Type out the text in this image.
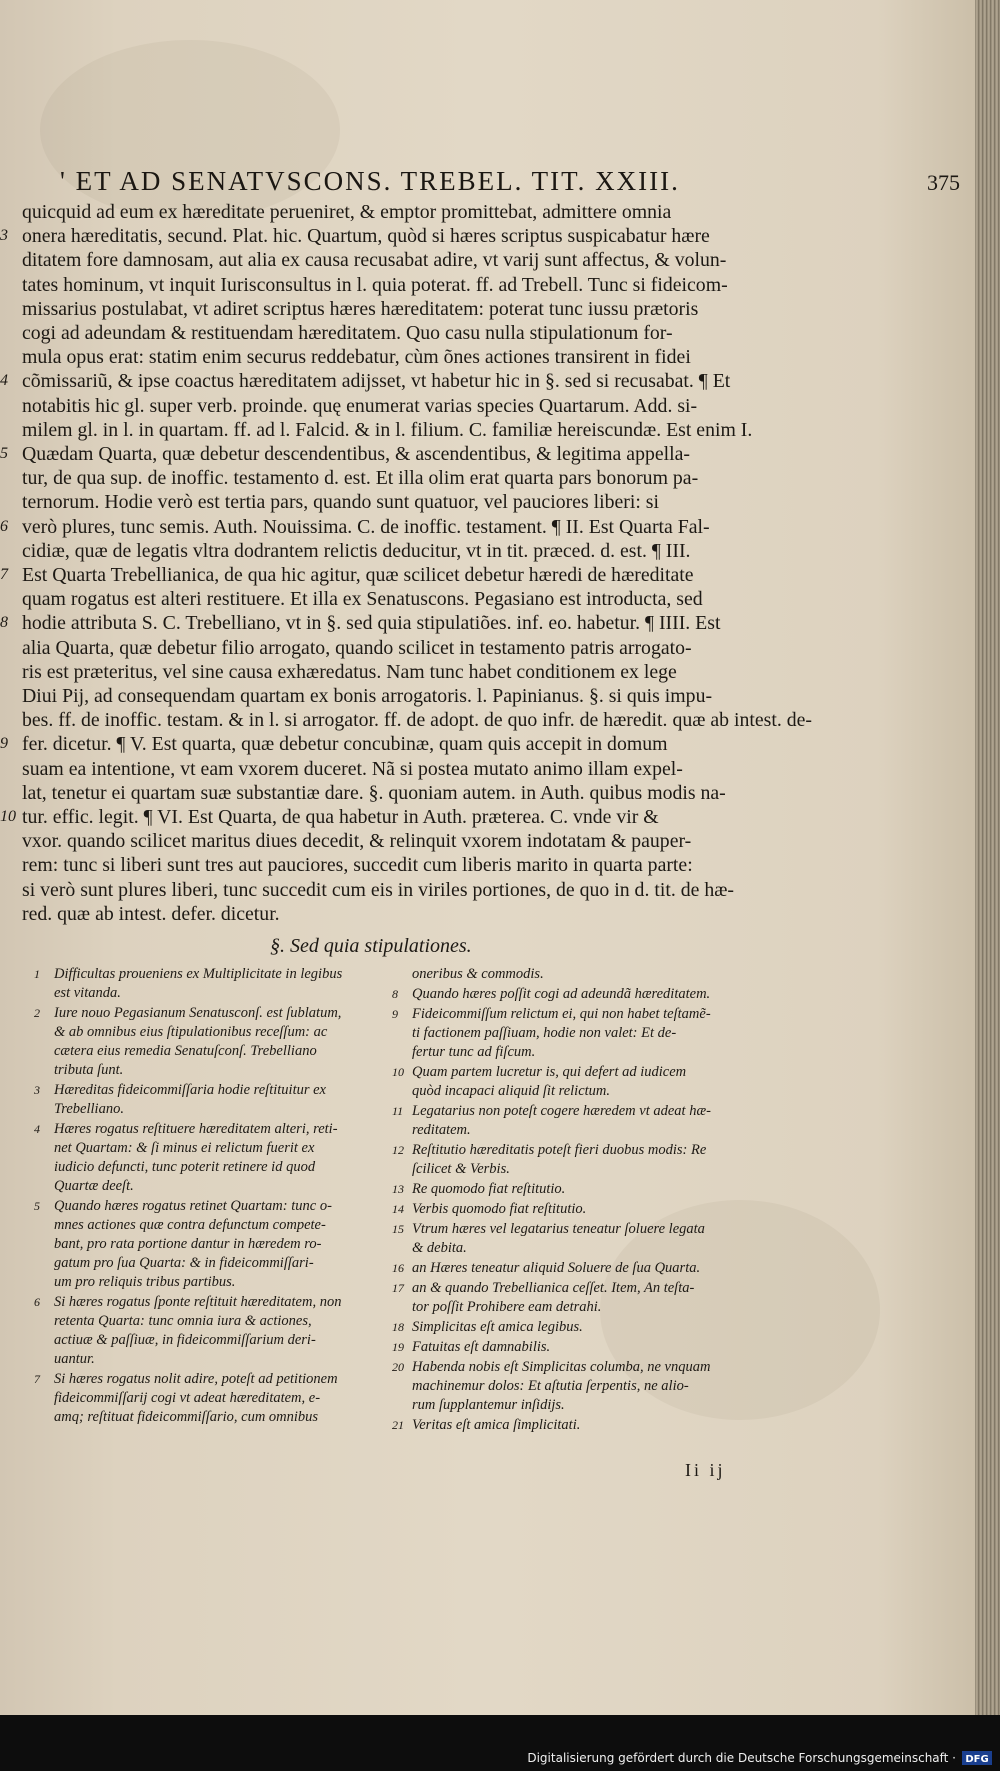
' ET AD SENATVSCONS. TREBEL. TIT. XXIII.	375
quicquid ad eum ex hæreditate perueniret, & emptor promittebat, admittere omnia
3 onera hæreditatis, secund. Plat. hic. Quartum, quòd si hæres scriptus suspicabatur hære
ditatem fore damnosam, aut alia ex causa recusabat adire, vt varij sunt affectus, & volun-
tates hominum, vt inquit Iurisconsultus in l. quia poterat. ff. ad Trebell. Tunc si fideicom-
missarius postulabat, vt adiret scriptus hæres hæreditatem: poterat tunc iussu prætoris
cogi ad adeundam & restituendam hæreditatem. Quo casu nulla stipulationum for-
mula opus erat: statim enim securus reddebatur, cùm õnes actiones transirent in fidei
4 cõmissariũ, & ipse coactus hæreditatem adijsset, vt habetur hic in §. sed si recusabat. ¶ Et
notabitis hic gl. super verb. proinde. quę enumerat varias species Quartarum. Add. si-
milem gl. in l. in quartam. ff. ad l. Falcid. & in l. filium. C. familiæ hereiscundæ. Est enim I.
5 Quædam Quarta, quæ debetur descendentibus, & ascendentibus, & legitima appella-
tur, de qua sup. de inoffic. testamento d. est. Et illa olim erat quarta pars bonorum pa-
ternorum. Hodie verò est tertia pars, quando sunt quatuor, vel pauciores liberi: si
6 verò plures, tunc semis. Auth. Nouissima. C. de inoffic. testament. ¶ II. Est Quarta Fal-
cidiæ, quæ de legatis vltra dodrantem relictis deducitur, vt in tit. præced. d. est. ¶ III.
7 Est Quarta Trebellianica, de qua hic agitur, quæ scilicet debetur hæredi de hæreditate
quam rogatus est alteri restituere. Et illa ex Senatuscons. Pegasiano est introducta, sed
8 hodie attributa S. C. Trebelliano, vt in §. sed quia stipulatiões. inf. eo. habetur. ¶ IIII. Est
alia Quarta, quæ debetur filio arrogato, quando scilicet in testamento patris arrogato-
ris est præteritus, vel sine causa exhæredatus. Nam tunc habet conditionem ex lege
Diui Pij, ad consequendam quartam ex bonis arrogatoris. l. Papinianus. §. si quis impu-
bes. ff. de inoffic. testam. & in l. si arrogator. ff. de adopt. de quo infr. de hæredit. quæ ab intest. de-
9 fer. dicetur. ¶ V. Est quarta, quæ debetur concubinæ, quam quis accepit in domum
suam ea intentione, vt eam vxorem duceret. Nã si postea mutato animo illam expel-
lat, tenetur ei quartam suæ substantiæ dare. §. quoniam autem. in Auth. quibus modis na-
10 tur. effic. legit. ¶ VI. Est Quarta, de qua habetur in Auth. præterea. C. vnde vir &
vxor. quando scilicet maritus diues decedit, & relinquit vxorem indotatam & pauper-
rem: tunc si liberi sunt tres aut pauciores, succedit cum liberis marito in quarta parte:
si verò sunt plures liberi, tunc succedit cum eis in viriles portiones, de quo in d. tit. de hæ-
red. quæ ab intest. defer. dicetur.
§. Sed quia stipulationes.
1 Difficultas proueniens ex Multiplicitate in legibus
est vitanda.
2 Iure nouo Pegasianum Senatusconſ. est ſublatum,
& ab omnibus eius ſtipulationibus receſſum: ac
cætera eius remedia Senatuſconſ. Trebelliano
tributa ſunt.
3 Hæreditas fideicommiſſaria hodie reſtituitur ex
Trebelliano.
4 Hæres rogatus reſtituere hæreditatem alteri, reti-
net Quartam: & ſi minus ei relictum fuerit ex
iudicio defuncti, tunc poterit retinere id quod
Quartæ deeſt.
5 Quando hæres rogatus retinet Quartam: tunc o-
mnes actiones quæ contra defunctum compete-
bant, pro rata portione dantur in hæredem ro-
gatum pro ſua Quarta: & in fideicommiſſari-
um pro reliquis tribus partibus.
6 Si hæres rogatus ſponte reſtituit hæreditatem, non
retenta Quarta: tunc omnia iura & actiones,
actiuæ & paſſiuæ, in fideicommiſſarium deri-
uantur.
7 Si hæres rogatus nolit adire, poteſt ad petitionem
fideicommiſſarij cogi vt adeat hæreditatem, e-
amq; reſtituat fideicommiſſario, cum omnibus
oneribus & commodis.
8 Quando hæres poſſit cogi ad adeundã hæreditatem.
9 Fideicommiſſum relictum ei, qui non habet teſtamẽ-
ti factionem paſſiuam, hodie non valet: Et de-
fertur tunc ad fiſcum.
10 Quam partem lucretur is, qui defert ad iudicem
quòd incapaci aliquid ſit relictum.
11 Legatarius non poteſt cogere hæredem vt adeat hæ-
reditatem.
12 Reſtitutio hæreditatis poteſt fieri duobus modis: Re
ſcilicet & Verbis.
13 Re quomodo fiat reſtitutio.
14 Verbis quomodo fiat reſtitutio.
15 Vtrum hæres vel legatarius teneatur ſoluere legata
& debita.
16 an Hæres teneatur aliquid Soluere de ſua Quarta.
17 an & quando Trebellianica ceſſet. Item, An teſta-
tor poſſit Prohibere eam detrahi.
18 Simplicitas eſt amica legibus.
19 Fatuitas eſt damnabilis.
20 Habenda nobis eſt Simplicitas columba, ne vnquam
machinemur dolos: Et aſtutia ſerpentis, ne alio-
rum ſupplantemur inſidijs.
21 Veritas eſt amica ſimplicitati.
Ii ij
Digitalisierung gefördert durch die Deutsche Forschungsgemeinschaft · DFG
